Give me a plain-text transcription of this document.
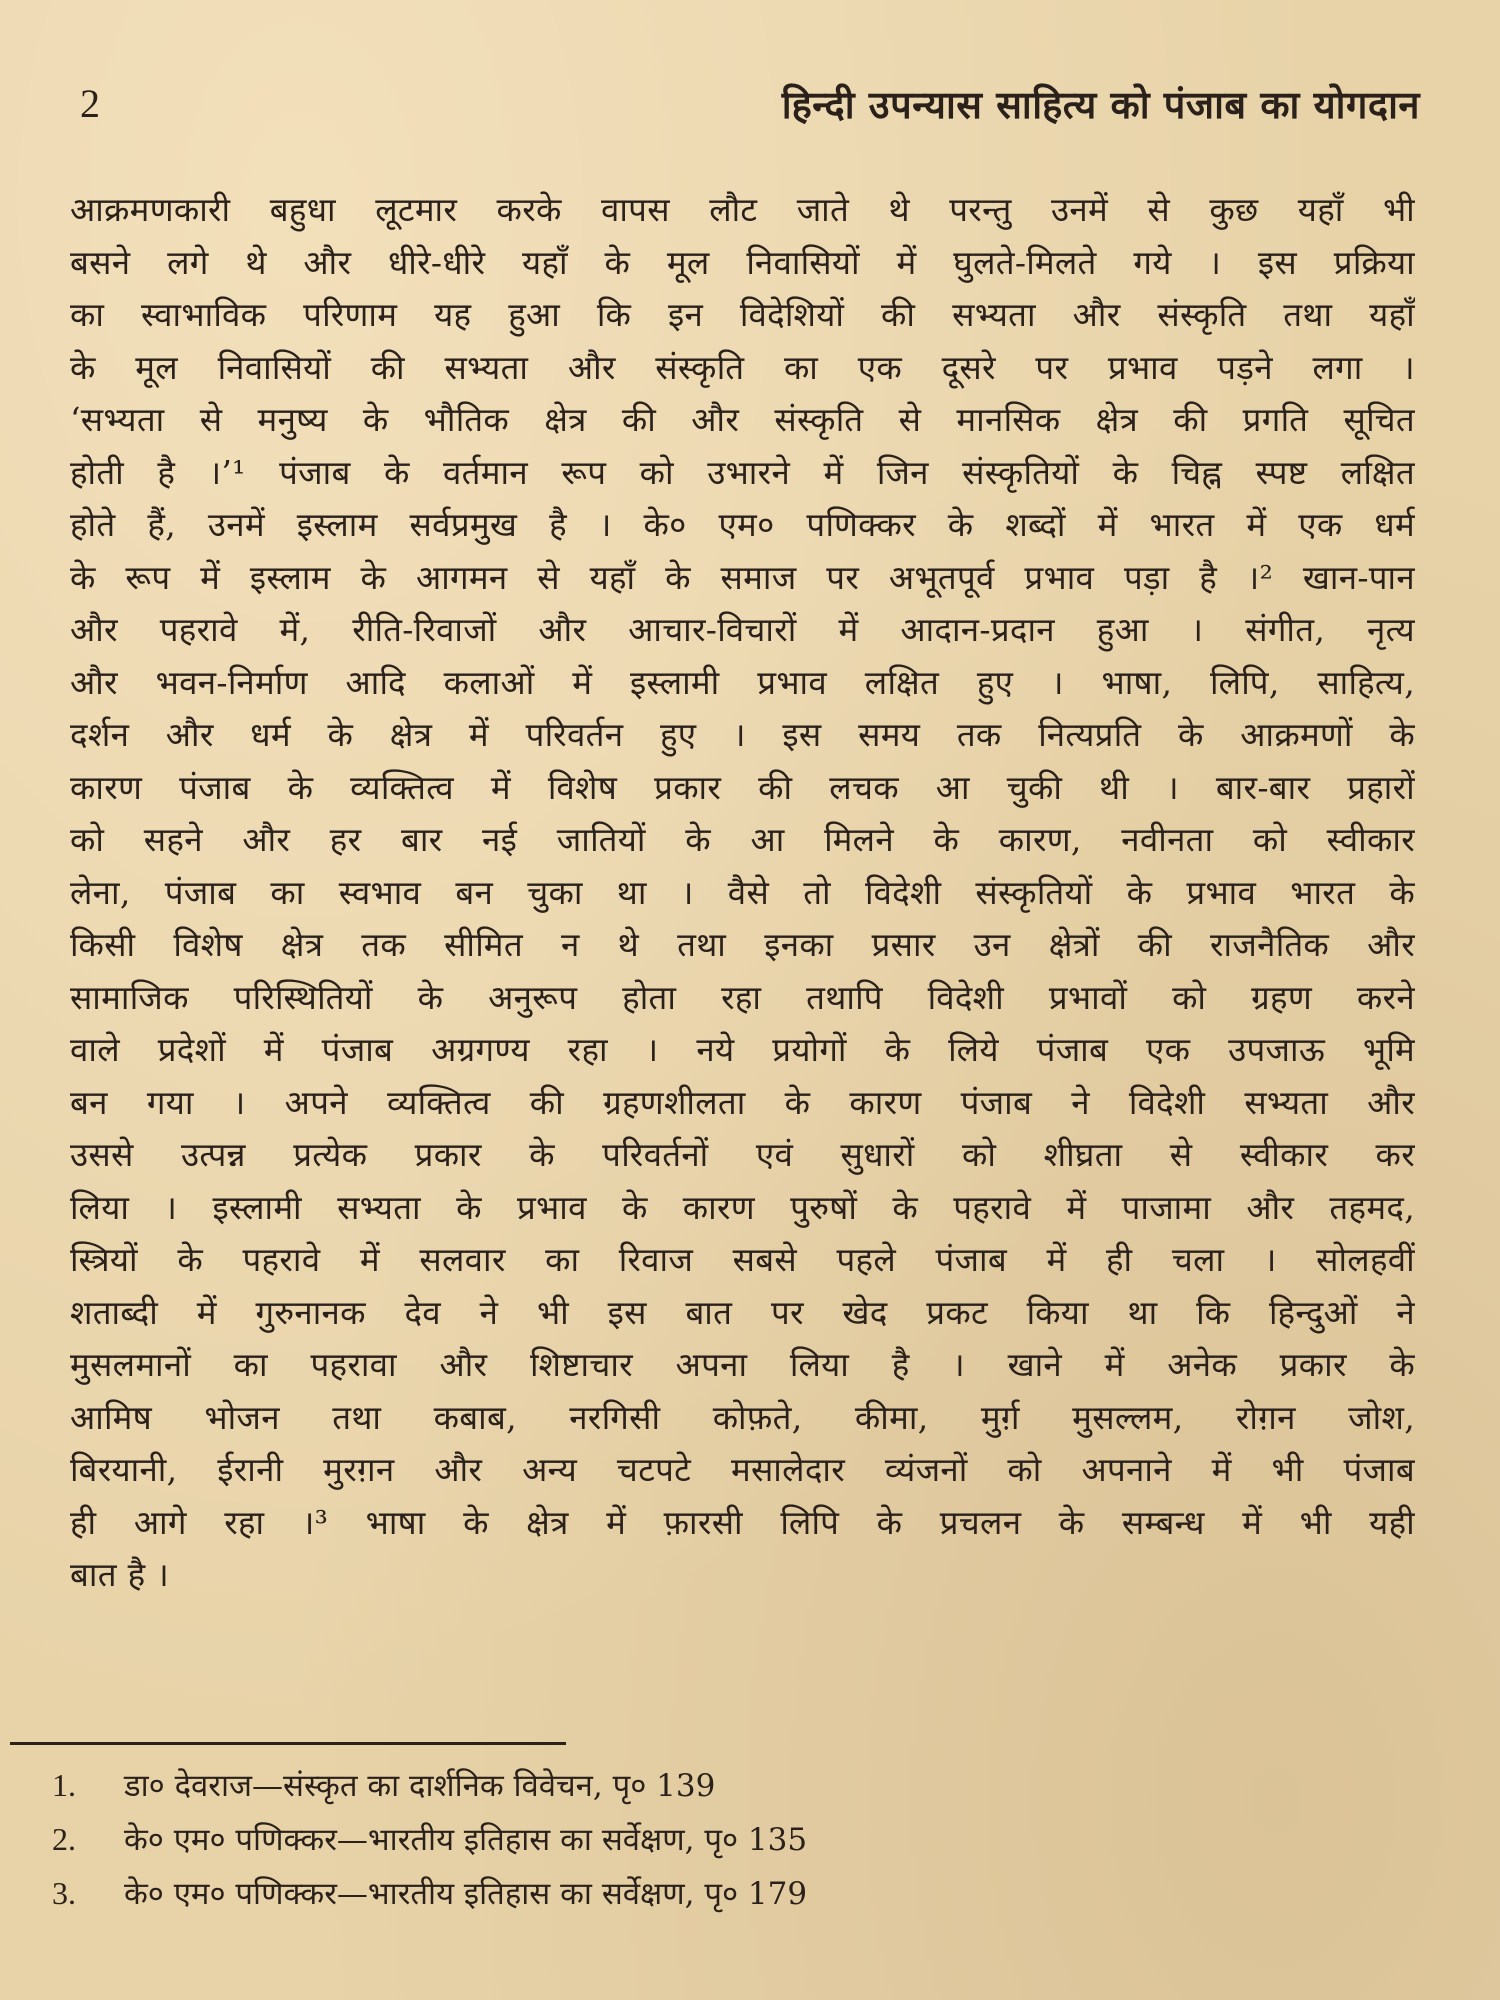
2	हिन्दी उपन्यास साहित्य को पंजाब का योगदान
आक्रमणकारी बहुधा लूटमार करके वापस लौट जाते थे परन्तु उनमें से कुछ यहाँ भी
बसने लगे थे और धीरे-धीरे यहाँ के मूल निवासियों में घुलते-मिलते गये । इस प्रक्रिया
का स्वाभाविक परिणाम यह हुआ कि इन विदेशियों की सभ्यता और संस्कृति तथा यहाँ
के मूल निवासियों की सभ्यता और संस्कृति का एक दूसरे पर प्रभाव पड़ने लगा ।
‘सभ्यता से मनुष्य के भौतिक क्षेत्र की और संस्कृति से मानसिक क्षेत्र की प्रगति सूचित
होती है ।’¹ पंजाब के वर्तमान रूप को उभारने में जिन संस्कृतियों के चिह्न स्पष्ट लक्षित
होते हैं, उनमें इस्लाम सर्वप्रमुख है । के० एम० पणिक्कर के शब्दों में भारत में एक धर्म
के रूप में इस्लाम के आगमन से यहाँ के समाज पर अभूतपूर्व प्रभाव पड़ा है ।² खान-पान
और पहरावे में, रीति-रिवाजों और आचार-विचारों में आदान-प्रदान हुआ । संगीत, नृत्य
और भवन-निर्माण आदि कलाओं में इस्लामी प्रभाव लक्षित हुए । भाषा, लिपि, साहित्य,
दर्शन और धर्म के क्षेत्र में परिवर्तन हुए । इस समय तक नित्यप्रति के आक्रमणों के
कारण पंजाब के व्यक्तित्व में विशेष प्रकार की लचक आ चुकी थी । बार-बार प्रहारों
को सहने और हर बार नई जातियों के आ मिलने के कारण, नवीनता को स्वीकार
लेना, पंजाब का स्वभाव बन चुका था । वैसे तो विदेशी संस्कृतियों के प्रभाव भारत के
किसी विशेष क्षेत्र तक सीमित न थे तथा इनका प्रसार उन क्षेत्रों की राजनैतिक और
सामाजिक परिस्थितियों के अनुरूप होता रहा तथापि विदेशी प्रभावों को ग्रहण करने
वाले प्रदेशों में पंजाब अग्रगण्य रहा । नये प्रयोगों के लिये पंजाब एक उपजाऊ भूमि
बन गया । अपने व्यक्तित्व की ग्रहणशीलता के कारण पंजाब ने विदेशी सभ्यता और
उससे उत्पन्न प्रत्येक प्रकार के परिवर्तनों एवं सुधारों को शीघ्रता से स्वीकार कर
लिया । इस्लामी सभ्यता के प्रभाव के कारण पुरुषों के पहरावे में पाजामा और तहमद,
स्त्रियों के पहरावे में सलवार का रिवाज सबसे पहले पंजाब में ही चला । सोलहवीं
शताब्दी में गुरुनानक देव ने भी इस बात पर खेद प्रकट किया था कि हिन्दुओं ने
मुसलमानों का पहरावा और शिष्टाचार अपना लिया है । खाने में अनेक प्रकार के
आमिष भोजन तथा कबाब, नरगिसी कोफ़ते, कीमा, मुर्ग़ मुसल्लम, रोग़न जोश,
बिरयानी, ईरानी मुरग़न और अन्य चटपटे मसालेदार व्यंजनों को अपनाने में भी पंजाब
ही आगे रहा ।³ भाषा के क्षेत्र में फ़ारसी लिपि के प्रचलन के सम्बन्ध में भी यही
बात है ।
1. डा० देवराज—संस्कृत का दार्शनिक विवेचन, पृ० 139
2. के० एम० पणिक्कर—भारतीय इतिहास का सर्वेक्षण, पृ० 135
3. के० एम० पणिक्कर—भारतीय इतिहास का सर्वेक्षण, पृ० 179
